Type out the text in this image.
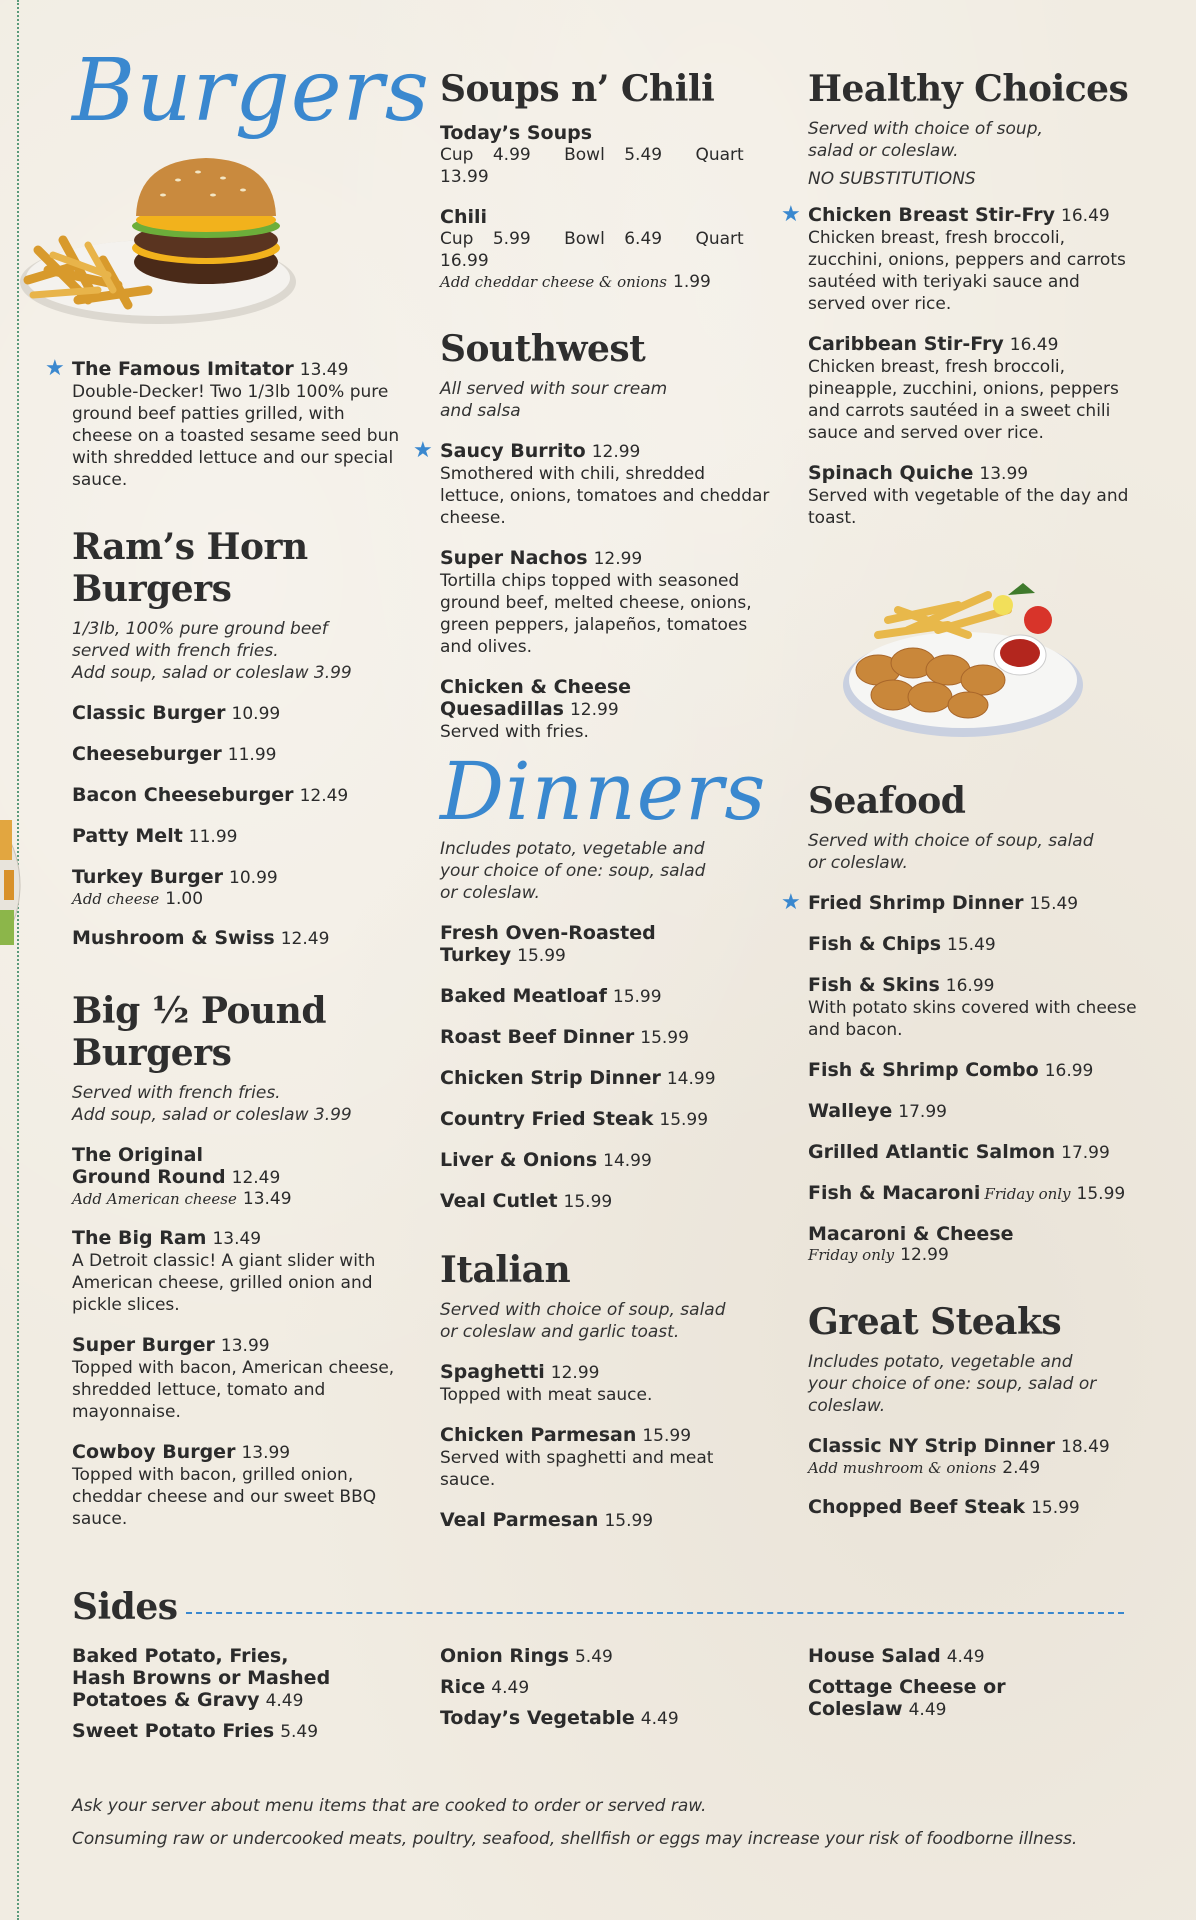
Burgers
★ The Famous Imitator 13.49
Double-Decker! Two 1/3lb 100% pure ground beef patties grilled, with cheese on a toasted sesame seed bun with shredded lettuce and our special sauce.
Ram’s Horn
Burgers
1/3lb, 100% pure ground beef
served with french fries.
Add soup, salad or coleslaw 3.99
Classic Burger 10.99
Cheeseburger 11.99
Bacon Cheeseburger 12.49
Patty Melt 11.99
Turkey Burger 10.99
Add cheese 1.00
Mushroom & Swiss 12.49
Big ½ Pound
Burgers
Served with french fries.
Add soup, salad or coleslaw 3.99
The Original
Ground Round 12.49
Add American cheese 13.49
The Big Ram 13.49
A Detroit classic! A giant slider with American cheese, grilled onion and pickle slices.
Super Burger 13.99
Topped with bacon, American cheese, shredded lettuce, tomato and mayonnaise.
Cowboy Burger 13.99
Topped with bacon, grilled onion, cheddar cheese and our sweet BBQ sauce.
Soups n’ Chili
Today’s Soups
Cup 4.99 Bowl 5.49 Quart 13.99
Chili
Cup 5.99 Bowl 6.49 Quart 16.99
Add cheddar cheese & onions 1.99
Southwest
All served with sour cream
and salsa
★ Saucy Burrito 12.99
Smothered with chili, shredded lettuce, onions, tomatoes and cheddar cheese.
Super Nachos 12.99
Tortilla chips topped with seasoned ground beef, melted cheese, onions, green peppers, jalapeños, tomatoes and olives.
Chicken & Cheese
Quesadillas 12.99
Served with fries.
Dinners
Includes potato, vegetable and
your choice of one: soup, salad
or coleslaw.
Fresh Oven-Roasted
Turkey 15.99
Baked Meatloaf 15.99
Roast Beef Dinner 15.99
Chicken Strip Dinner 14.99
Country Fried Steak 15.99
Liver & Onions 14.99
Veal Cutlet 15.99
Italian
Served with choice of soup, salad
or coleslaw and garlic toast.
Spaghetti 12.99
Topped with meat sauce.
Chicken Parmesan 15.99
Served with spaghetti and meat sauce.
Veal Parmesan 15.99
Healthy Choices
Served with choice of soup,
salad or coleslaw.
NO SUBSTITUTIONS
★ Chicken Breast Stir-Fry 16.49
Chicken breast, fresh broccoli, zucchini, onions, peppers and carrots sautéed with teriyaki sauce and served over rice.
Caribbean Stir-Fry 16.49
Chicken breast, fresh broccoli, pineapple, zucchini, onions, peppers and carrots sautéed in a sweet chili sauce and served over rice.
Spinach Quiche 13.99
Served with vegetable of the day and toast.
Seafood
Served with choice of soup, salad
or coleslaw.
★ Fried Shrimp Dinner 15.49
Fish & Chips 15.49
Fish & Skins 16.99
With potato skins covered with cheese and bacon.
Fish & Shrimp Combo 16.99
Walleye 17.99
Grilled Atlantic Salmon 17.99
Fish & Macaroni Friday only 15.99
Macaroni & Cheese
Friday only 12.99
Great Steaks
Includes potato, vegetable and
your choice of one: soup, salad or
coleslaw.
Classic NY Strip Dinner 18.49
Add mushroom & onions 2.49
Chopped Beef Steak 15.99
Sides
Baked Potato, Fries,
Hash Browns or Mashed
Potatoes & Gravy 4.49
Sweet Potato Fries 5.49
Onion Rings 5.49
Rice 4.49
Today’s Vegetable 4.49
House Salad 4.49
Cottage Cheese or
Coleslaw 4.49
Ask your server about menu items that are cooked to order or served raw.
Consuming raw or undercooked meats, poultry, seafood, shellfish or eggs may increase your risk of foodborne illness.
